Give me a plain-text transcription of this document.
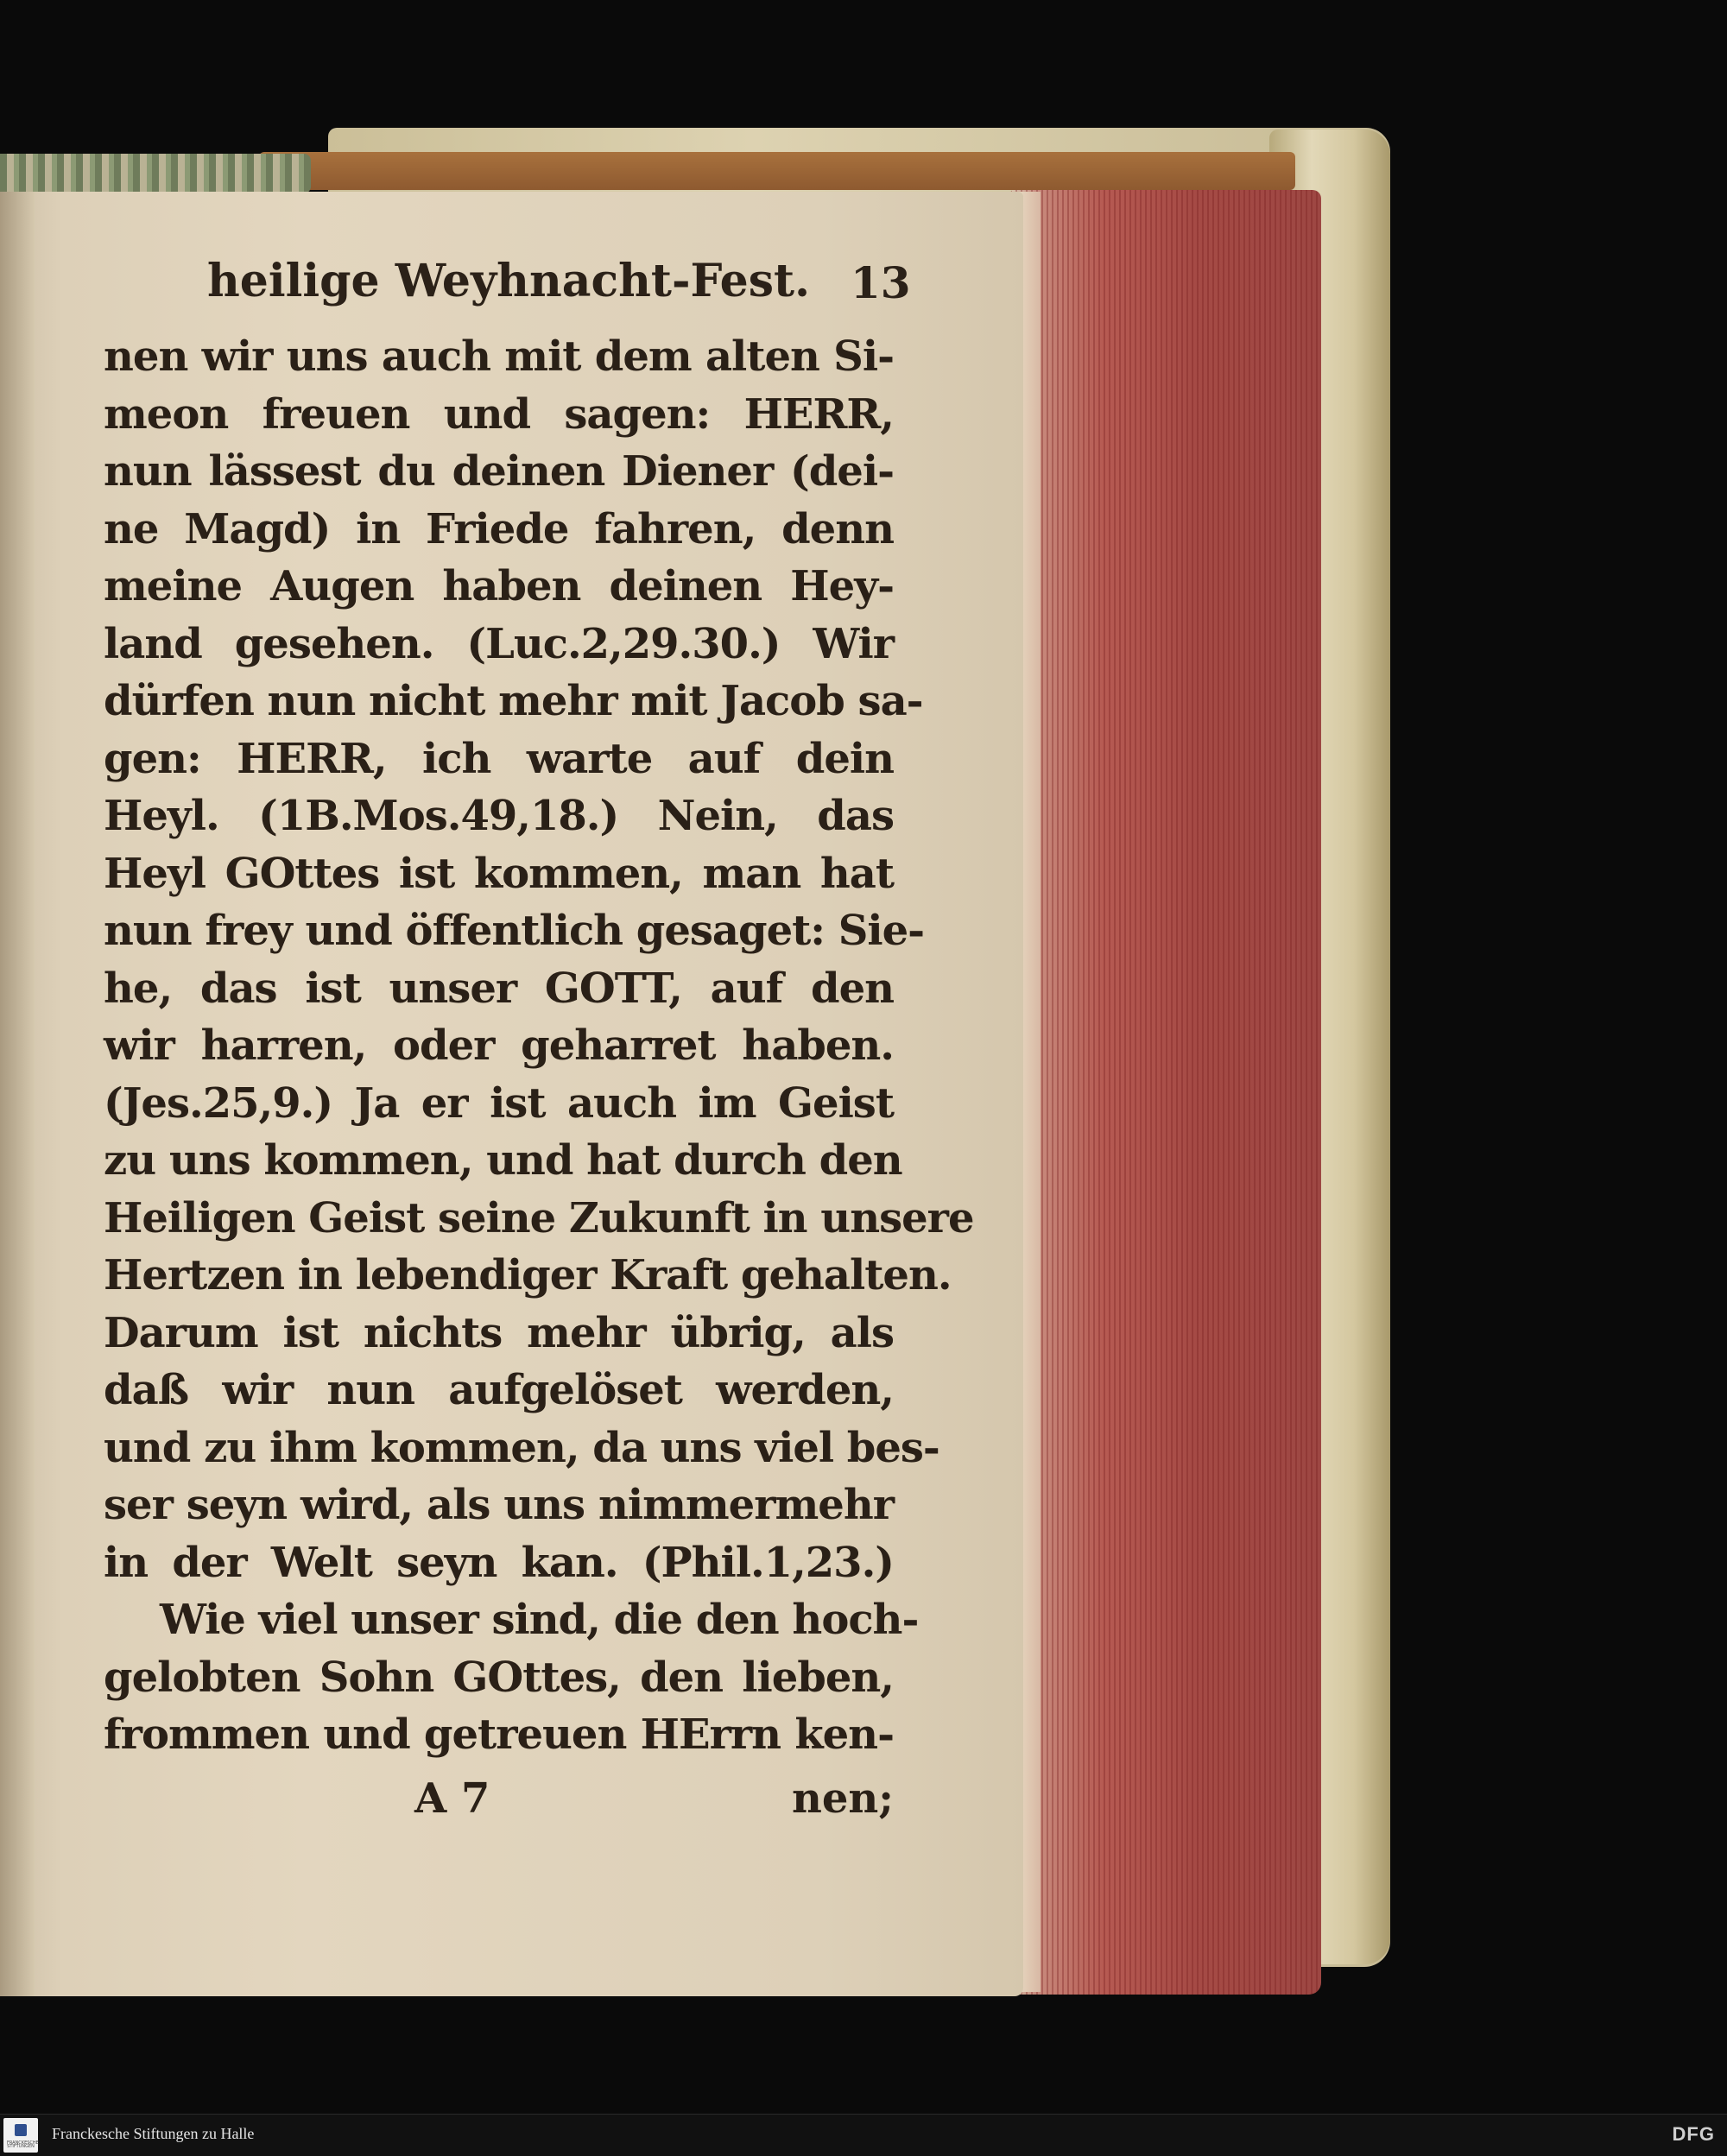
heilige Weyhnacht-Fest. 13
nen wir uns auch mit dem alten Si-
meon freuen und sagen: HERR,
nun lässest du deinen Diener (dei-
ne Magd) in Friede fahren, denn
meine Augen haben deinen Hey-
land gesehen. (Luc.2,29.30.) Wir
dürfen nun nicht mehr mit Jacob sa-
gen: HERR, ich warte auf dein
Heyl. (1B.Mos.49,18.) Nein, das
Heyl GOttes ist kommen, man hat
nun frey und öffentlich gesaget: Sie-
he, das ist unser GOTT, auf den
wir harren, oder geharret haben.
(Jes.25,9.) Ja er ist auch im Geist
zu uns kommen, und hat durch den
Heiligen Geist seine Zukunft in unsere
Hertzen in lebendiger Kraft gehalten.
Darum ist nichts mehr übrig, als
daß wir nun aufgelöset werden,
und zu ihm kommen, da uns viel bes-
ser seyn wird, als uns nimmermehr
in der Welt seyn kan. (Phil.1,23.)
Wie viel unser sind, die den hoch-
gelobten Sohn GOttes, den lieben,
frommen und getreuen HErrn ken-
A 7	nen;
FRANCKESCHE STIFTUNGEN
Franckesche Stiftungen zu Halle	DFG
